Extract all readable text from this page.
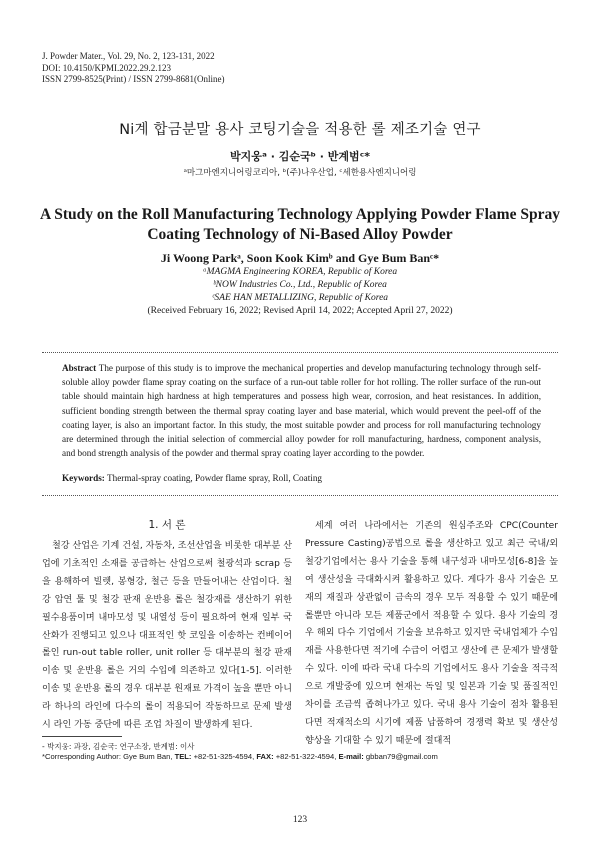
J. Powder Mater., Vol. 29, No. 2, 123-131, 2022
DOI: 10.4150/KPMI.2022.29.2.123
ISSN 2799-8525(Print) / ISSN 2799-8681(Online)
Ni계 합금분말 용사 코팅기술을 적용한 롤 제조기술 연구
박지웅ᵃ · 김순국ᵇ · 반계범ᶜ*
ᵃ마그마엔지니어링코리아, ᵇ(주)나우산업, ᶜ세한용사엔지니어링
A Study on the Roll Manufacturing Technology Applying Powder Flame Spray
Coating Technology of Ni-Based Alloy Powder
Ji Woong Parkᵃ, Soon Kook Kimᵇ and Gye Bum Banᶜ*
ᵃMAGMA Engineering KOREA, Republic of Korea
ᵇNOW Industries Co., Ltd., Republic of Korea
ᶜSAE HAN METALLIZING, Republic of Korea
(Received February 16, 2022; Revised April 14, 2022; Accepted April 27, 2022)
Abstract The purpose of this study is to improve the mechanical properties and develop manufacturing technology through self-soluble alloy powder flame spray coating on the surface of a run-out table roller for hot rolling. The roller surface of the run-out table should maintain high hardness at high temperatures and possess high wear, corrosion, and heat resistances. In addition, sufficient bonding strength between the thermal spray coating layer and base material, which would prevent the peel-off of the coating layer, is also an important factor. In this study, the most suitable powder and process for roll manufacturing technology are determined through the initial selection of commercial alloy powder for roll manufacturing, hardness, component analysis, and bond strength analysis of the powder and thermal spray coating layer according to the powder.
Keywords: Thermal-spray coating, Powder flame spray, Roll, Coating
1. 서 론
철강 산업은 기계 건설, 자동차, 조선산업을 비롯한 대부분 산업에 기초적인 소재를 공급하는 산업으로써 철광석과 scrap 등을 용해하여 빌렛, 봉형강, 철근 등을 만들어내는 산업이다. 철강 압연 툴 및 철강 판재 운반용 롤은 철강재를 생산하기 위한 필수용품이며 내마모성 및 내열성 등이 필요하여 현재 일부 국산화가 진행되고 있으나 대표적인 핫 코일을 이송하는 컨베이어 롤인 run-out table roller, unit roller 등 대부분의 철강 판재 이송 및 운반용 롤은 거의 수입에 의존하고 있다[1-5]. 이러한 이송 및 운반용 롤의 경우 대부분 원재료 가격이 높을 뿐만 아니라 하나의 라인에 다수의 롤이 적용되어 작동하므로 문제 발생 시 라인 가동 중단에 따른 조업 차질이 발생하게 된다.
세계 여러 나라에서는 기존의 원심주조와 CPC(Counter Pressure Casting)공법으로 롤을 생산하고 있고 최근 국내/외 철강기업에서는 용사 기술을 통해 내구성과 내마모성[6-8]을 높여 생산성을 극대화시켜 활용하고 있다. 게다가 용사 기술은 모재의 재질과 상관없이 금속의 경우 모두 적용할 수 있기 때문에 롤뿐만 아니라 모든 제품군에서 적용할 수 있다. 용사 기술의 경우 해외 다수 기업에서 기술을 보유하고 있지만 국내업체가 수입재를 사용한다면 적기에 수급이 어렵고 생산에 큰 문제가 발생할 수 있다. 이에 따라 국내 다수의 기업에서도 용사 기술을 적극적으로 개발중에 있으며 현재는 독일 및 일본과 기술 및 품질적인 차이를 조금씩 좁혀나가고 있다. 국내 용사 기술이 점차 활용된다면 적재적소의 시기에 제품 납품하여 경쟁력 확보 및 생산성 향상을 기대할 수 있기 때문에 절대적
- 박지웅: 과장, 김순국: 연구소장, 반계범: 이사
*Corresponding Author: Gye Bum Ban, TEL: +82-51-325-4594, FAX: +82-51-322-4594, E-mail: gbban79@gmail.com
123
